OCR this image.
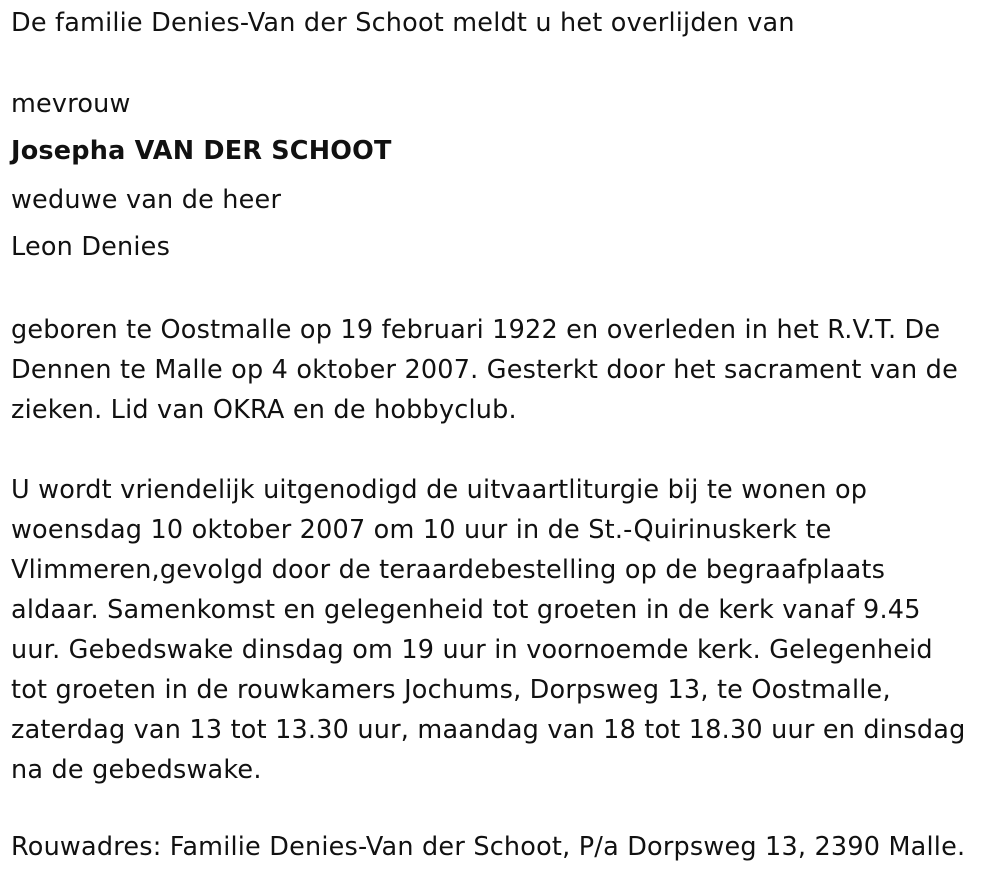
De familie Denies-Van der Schoot meldt u het overlijden van

mevrouw

Josepha VAN DER SCHOOT

weduwe van de heer

Leon Denies

geboren te Oostmalle op 19 februari 1922 en overleden in het R.V.T. De

Dennen te Malle op 4 oktober 2007. Gesterkt door het sacrament van de

zieken. Lid van OKRA en de hobbyclub.

U wordt vriendelijk uitgenodigd de uitvaartliturgie bij te wonen op

woensdag 10 oktober 2007 om 10 uur in de St.-Quirinuskerk te

Vlimmeren,gevolgd door de teraardebestelling op de begraafplaats

aldaar. Samenkomst en gelegenheid tot groeten in de kerk vanaf 9.45

uur. Gebedswake dinsdag om 19 uur in voornoemde kerk. Gelegenheid

tot groeten in de rouwkamers Jochums, Dorpsweg 13, te Oostmalle,

zaterdag van 13 tot 13.30 uur, maandag van 18 tot 18.30 uur en dinsdag

na de gebedswake.

Rouwadres: Familie Denies-Van der Schoot, P/a Dorpsweg 13, 2390 Malle.
